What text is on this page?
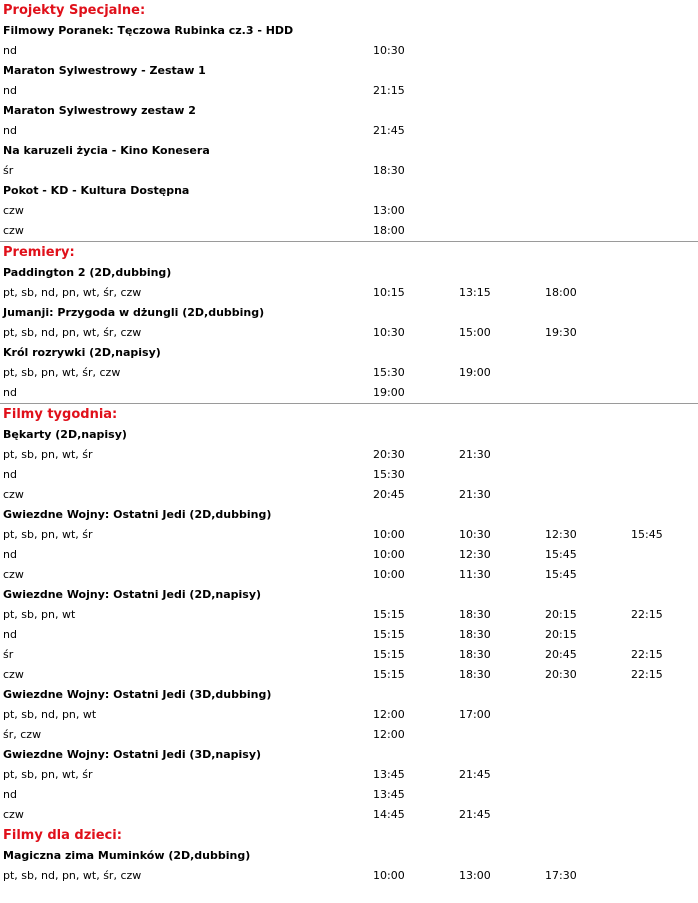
Projekty Specjalne:
Filmowy Poranek: Tęczowa Rubinka cz.3 - HDD
nd	10:30
Maraton Sylwestrowy - Zestaw 1
nd	21:15
Maraton Sylwestrowy zestaw 2
nd	21:45
Na karuzeli życia - Kino Konesera
śr	18:30
Pokot - KD - Kultura Dostępna
czw	13:00
czw	18:00
Premiery:
Paddington 2 (2D,dubbing)
pt, sb, nd, pn, wt, śr, czw	10:15	13:15	18:00
Jumanji: Przygoda w dżungli (2D,dubbing)
pt, sb, nd, pn, wt, śr, czw	10:30	15:00	19:30
Król rozrywki (2D,napisy)
pt, sb, pn, wt, śr, czw	15:30	19:00
nd	19:00
Filmy tygodnia:
Bękarty (2D,napisy)
pt, sb, pn, wt, śr	20:30	21:30
nd	15:30
czw	20:45	21:30
Gwiezdne Wojny: Ostatni Jedi (2D,dubbing)
pt, sb, pn, wt, śr	10:00	10:30	12:30	15:45
nd	10:00	12:30	15:45
czw	10:00	11:30	15:45
Gwiezdne Wojny: Ostatni Jedi (2D,napisy)
pt, sb, pn, wt	15:15	18:30	20:15	22:15
nd	15:15	18:30	20:15
śr	15:15	18:30	20:45	22:15
czw	15:15	18:30	20:30	22:15
Gwiezdne Wojny: Ostatni Jedi (3D,dubbing)
pt, sb, nd, pn, wt	12:00	17:00
śr, czw	12:00
Gwiezdne Wojny: Ostatni Jedi (3D,napisy)
pt, sb, pn, wt, śr	13:45	21:45
nd	13:45
czw	14:45	21:45
Filmy dla dzieci:
Magiczna zima Muminków (2D,dubbing)
pt, sb, nd, pn, wt, śr, czw	10:00	13:00	17:30
